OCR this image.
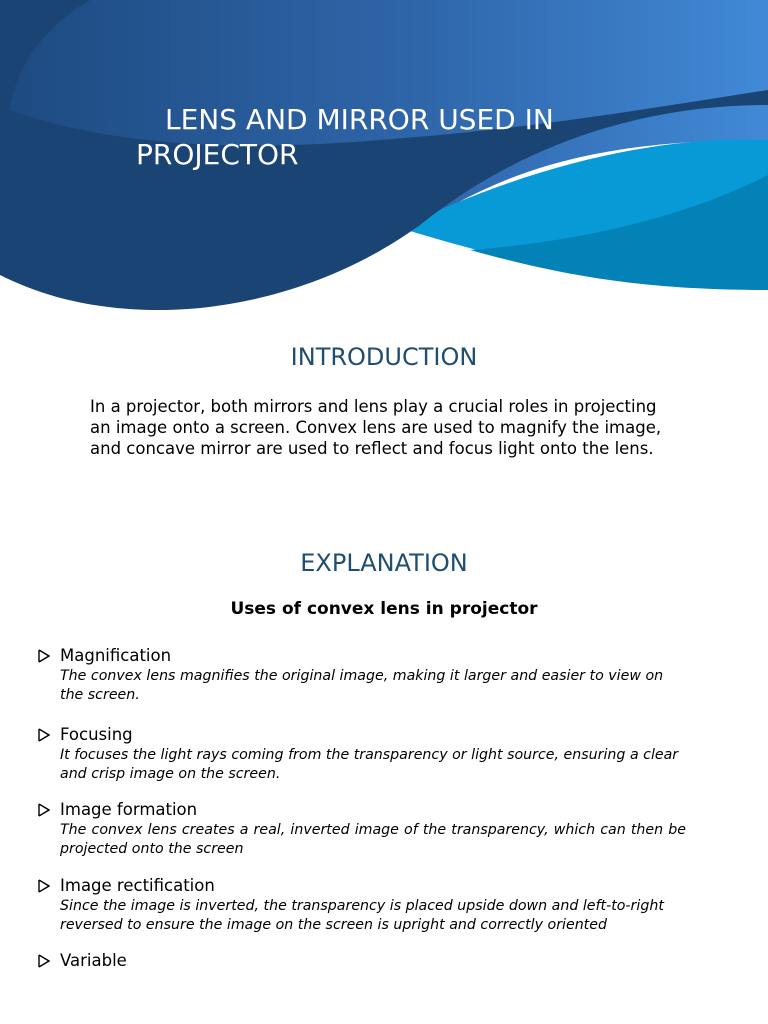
LENS AND MIRROR USED IN
PROJECTOR
INTRODUCTION

In a projector, both mirrors and lens play a crucial roles in projecting an image onto a screen. Convex lens are used to magnify the image, and concave mirror are used to reflect and focus light onto the lens.

EXPLANATION

Uses of convex lens in projector

Magnification
The convex lens magnifies the original image, making it larger and easier to view on the screen.
Focusing
It focuses the light rays coming from the transparency or light source, ensuring a clear and crisp image on the screen.
Image formation
The convex lens creates a real, inverted image of the transparency, which can then be projected onto the screen
Image rectification
Since the image is inverted, the transparency is placed upside down and left-to-right reversed to ensure the image on the screen is upright and correctly oriented
Variable
